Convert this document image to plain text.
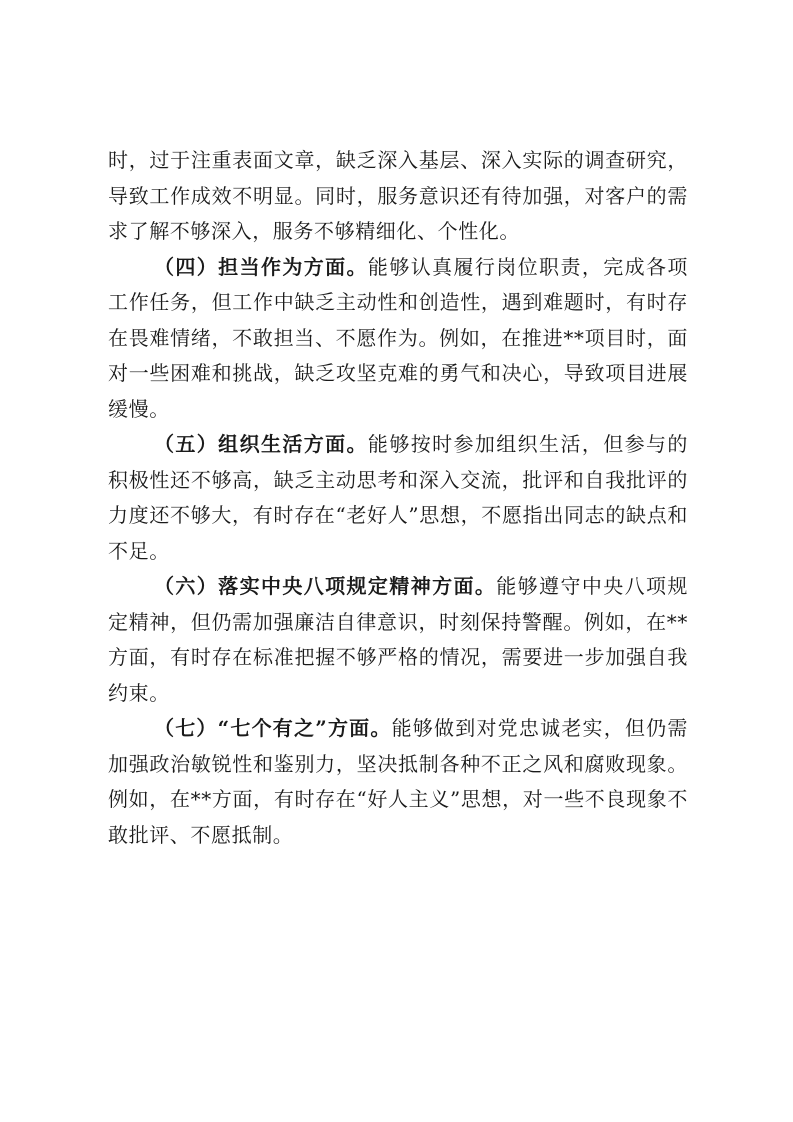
时，过于注重表面文章，缺乏深入基层、深入实际的调查研究，导致工作成效不明显。同时，服务意识还有待加强，对客户的需求了解不够深入，服务不够精细化、个性化。

（四）担当作为方面。能够认真履行岗位职责，完成各项工作任务，但工作中缺乏主动性和创造性，遇到难题时，有时存在畏难情绪，不敢担当、不愿作为。例如，在推进**项目时，面对一些困难和挑战，缺乏攻坚克难的勇气和决心，导致项目进展缓慢。

（五）组织生活方面。能够按时参加组织生活，但参与的积极性还不够高，缺乏主动思考和深入交流，批评和自我批评的力度还不够大，有时存在“老好人”思想，不愿指出同志的缺点和不足。

（六）落实中央八项规定精神方面。能够遵守中央八项规定精神，但仍需加强廉洁自律意识，时刻保持警醒。例如，在**方面，有时存在标准把握不够严格的情况，需要进一步加强自我约束。

（七）“七个有之”方面。能够做到对党忠诚老实，但仍需加强政治敏锐性和鉴别力，坚决抵制各种不正之风和腐败现象。例如，在**方面，有时存在“好人主义”思想，对一些不良现象不敢批评、不愿抵制。
